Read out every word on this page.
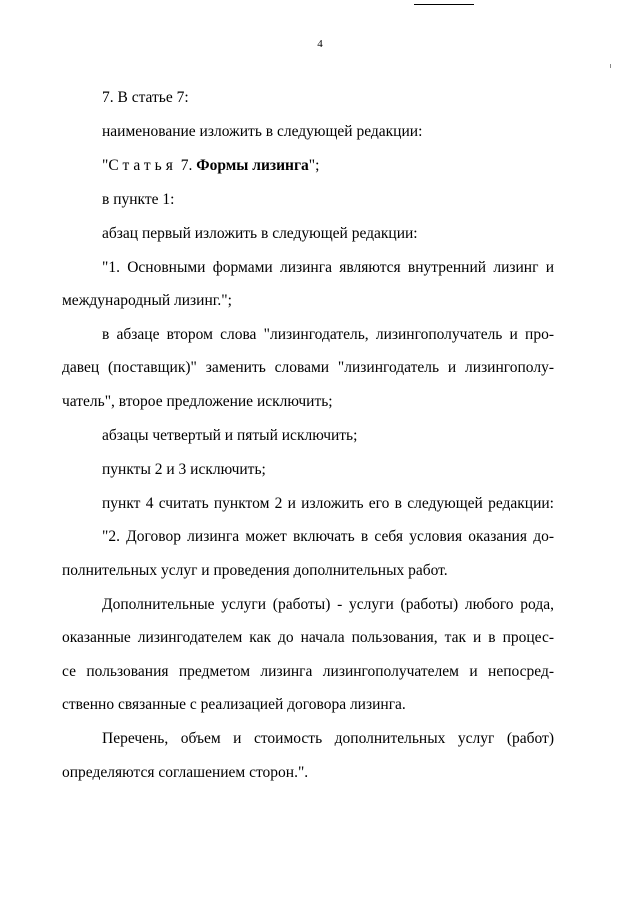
4
7. В статье 7:
наименование изложить в следующей редакции:
"Статья 7. Формы лизинга";
в пункте 1:
абзац первый изложить в следующей редакции:
"1. Основными формами лизинга являются внутренний лизинг и
международный лизинг.";
в абзаце втором слова "лизингодатель, лизингополучатель и про-
давец (поставщик)" заменить словами "лизингодатель и лизингополу-
чатель", второе предложение исключить;
абзацы четвертый и пятый исключить;
пункты 2 и 3 исключить;
пункт 4 считать пунктом 2 и изложить его в следующей редакции:
"2. Договор лизинга может включать в себя условия оказания до-
полнительных услуг и проведения дополнительных работ.
Дополнительные услуги (работы) - услуги (работы) любого рода,
оказанные лизингодателем как до начала пользования, так и в процес-
се пользования предметом лизинга лизингополучателем и непосред-
ственно связанные с реализацией договора лизинга.
Перечень, объем и стоимость дополнительных услуг (работ)
определяются соглашением сторон.".
